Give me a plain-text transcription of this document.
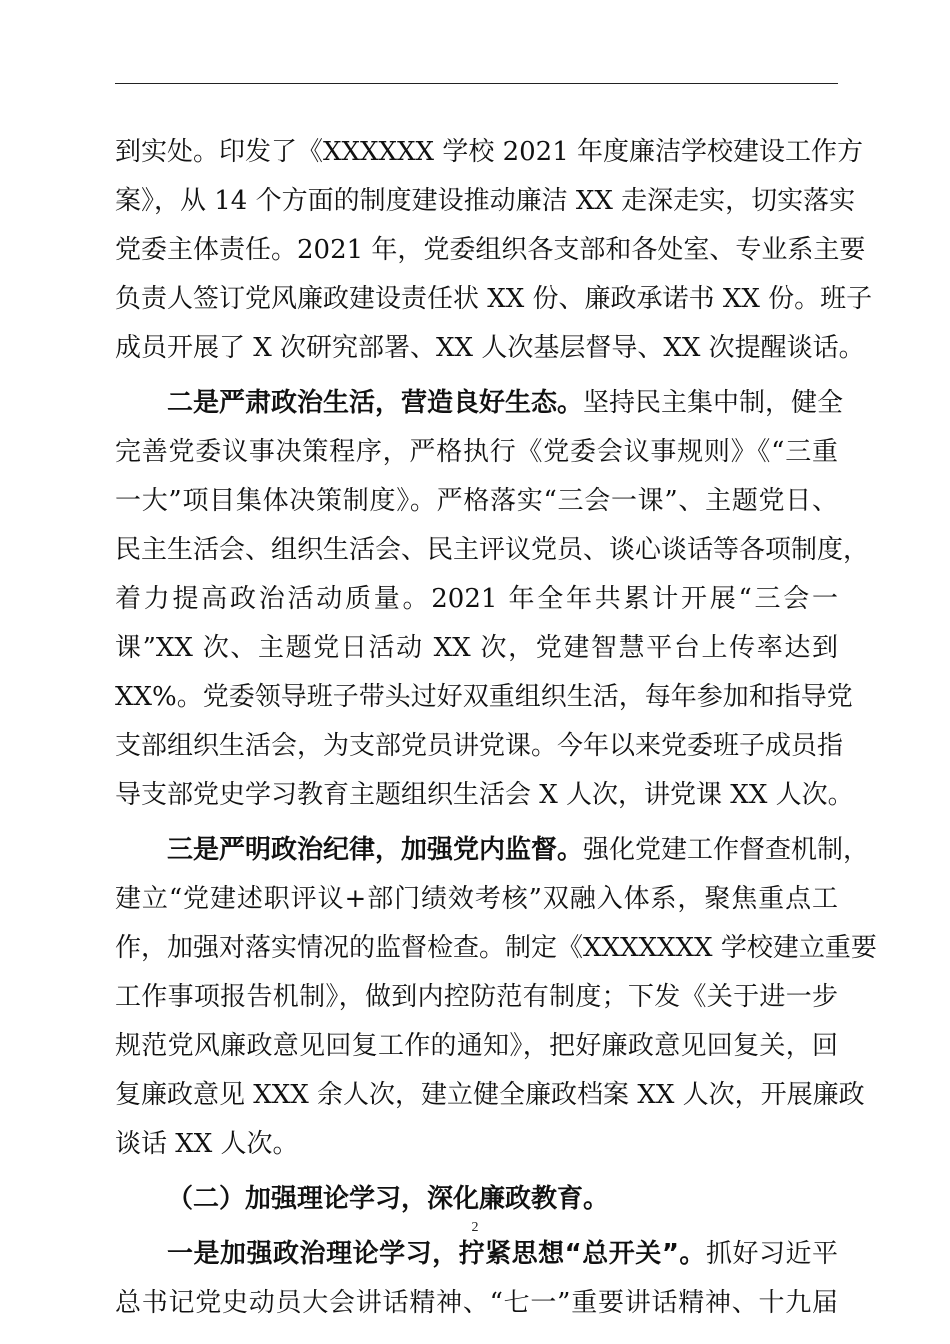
到实处。印发了《XXXXXX 学校 2021 年度廉洁学校建设工作方
案》，从 14 个方面的制度建设推动廉洁 XX 走深走实，切实落实
党委主体责任。2021 年，党委组织各支部和各处室、专业系主要
负责人签订党风廉政建设责任状 XX 份、廉政承诺书 XX 份。班子
成员开展了 X 次研究部署、XX 人次基层督导、XX 次提醒谈话。
二是严肃政治生活，营造良好生态。坚持民主集中制，健全
完善党委议事决策程序，严格执行《党委会议事规则》《“三重
一大”项目集体决策制度》。严格落实“三会一课”、主题党日、
民主生活会、组织生活会、民主评议党员、谈心谈话等各项制度，
着力提高政治活动质量。2021 年全年共累计开展“三会一
课”XX 次、主题党日活动 XX 次，党建智慧平台上传率达到
XX%。党委领导班子带头过好双重组织生活，每年参加和指导党
支部组织生活会，为支部党员讲党课。今年以来党委班子成员指
导支部党史学习教育主题组织生活会 X 人次，讲党课 XX 人次。
三是严明政治纪律，加强党内监督。强化党建工作督查机制，
建立“党建述职评议+部门绩效考核”双融入体系，聚焦重点工
作，加强对落实情况的监督检查。制定《XXXXXXX 学校建立重要
工作事项报告机制》，做到内控防范有制度；下发《关于进一步
规范党风廉政意见回复工作的通知》，把好廉政意见回复关，回
复廉政意见 XXX 余人次，建立健全廉政档案 XX 人次，开展廉政
谈话 XX 人次。
（二）加强理论学习，深化廉政教育。
一是加强政治理论学习，拧紧思想“总开关”。抓好习近平
总书记党史动员大会讲话精神、“七一”重要讲话精神、十九届
2
